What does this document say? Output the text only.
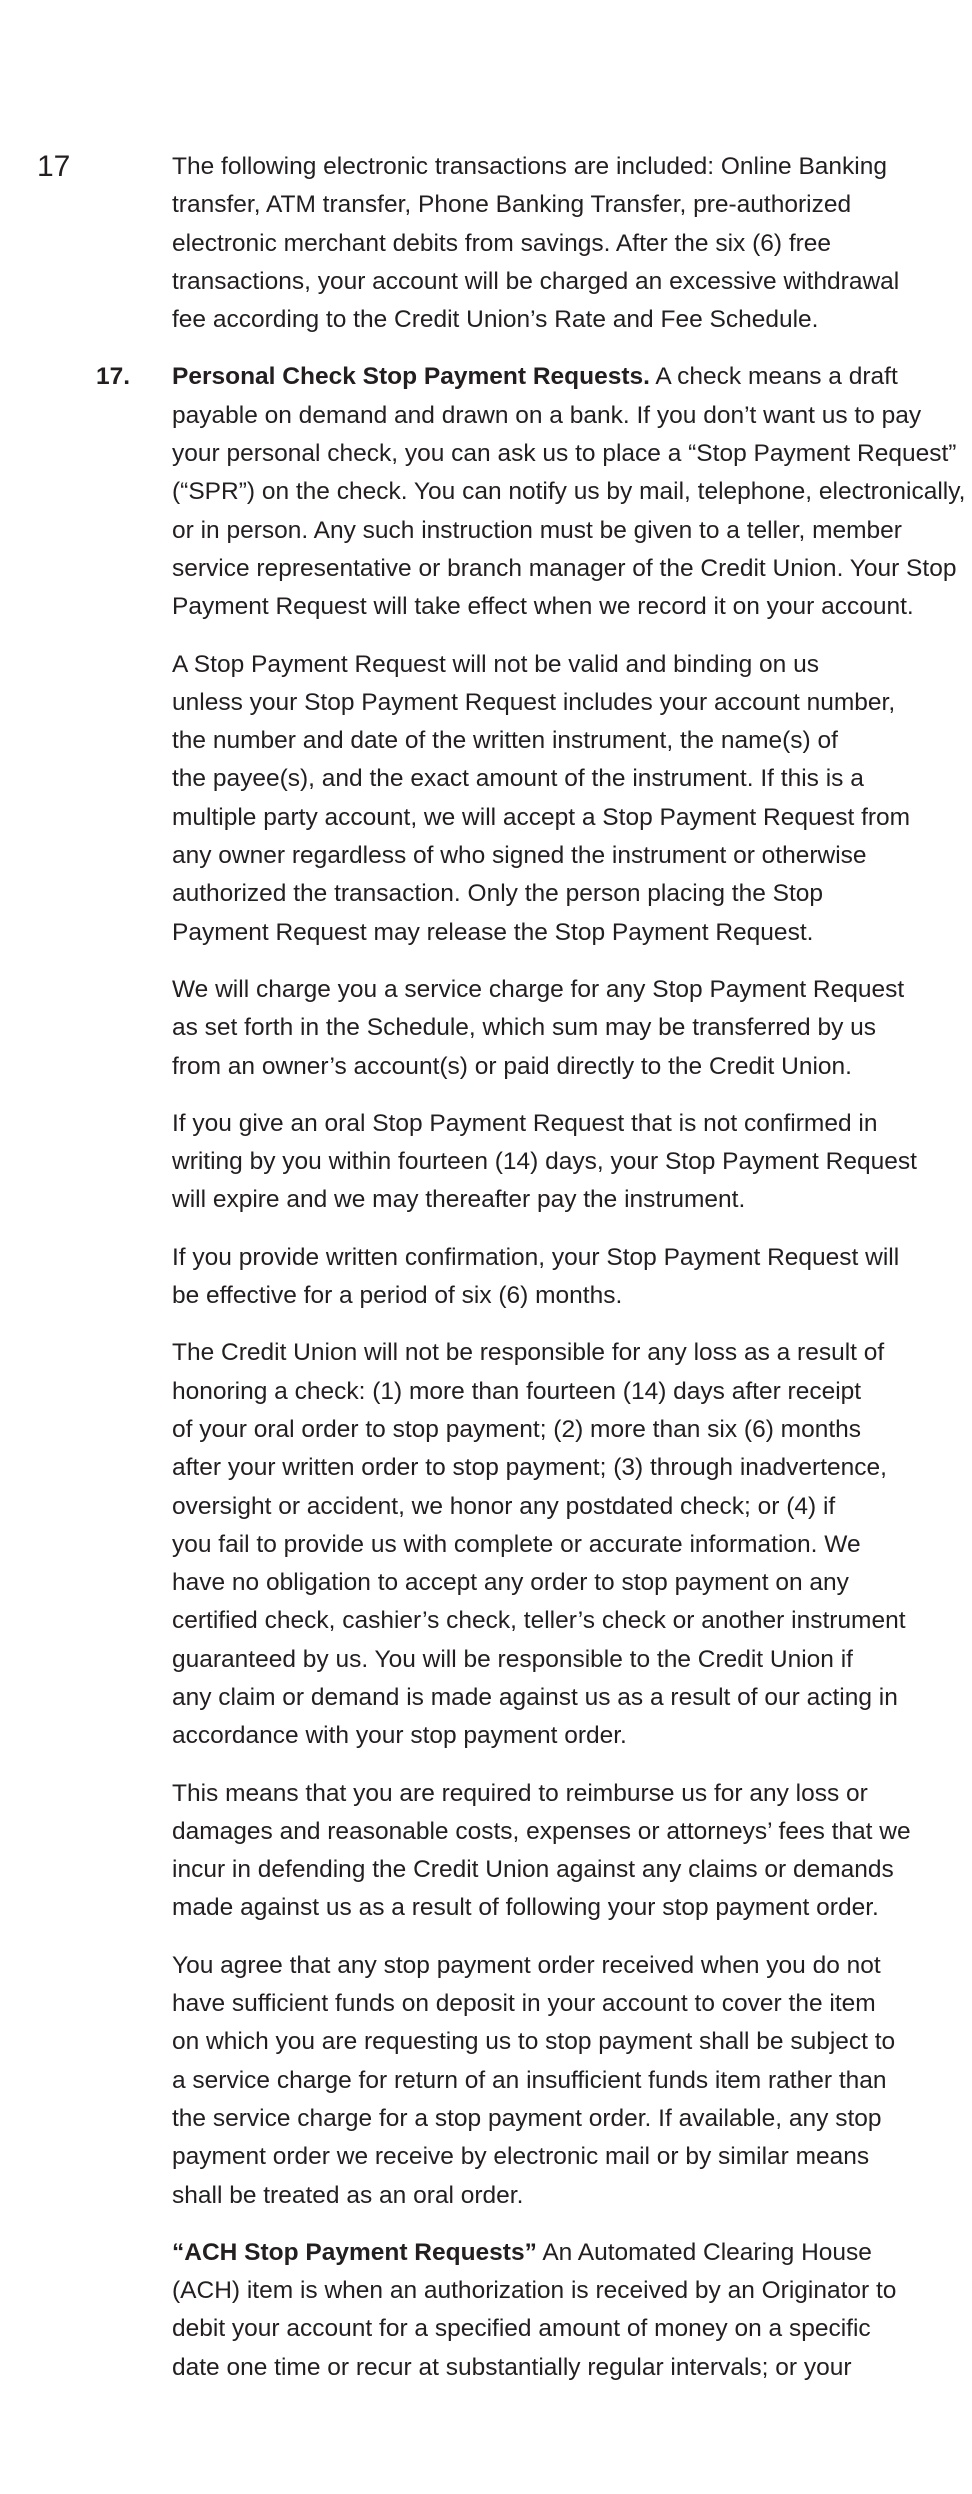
17	The following electronic transactions are included: Online Banking
transfer, ATM transfer, Phone Banking Transfer, pre-authorized
electronic merchant debits from savings. After the six (6) free
transactions, your account will be charged an excessive withdrawal
fee according to the Credit Union’s Rate and Fee Schedule.

17. Personal Check Stop Payment Requests. A check means a draft
payable on demand and drawn on a bank. If you don’t want us to pay
your personal check, you can ask us to place a “Stop Payment Request”
(“SPR”) on the check. You can notify us by mail, telephone, electronically,
or in person. Any such instruction must be given to a teller, member
service representative or branch manager of the Credit Union. Your Stop
Payment Request will take effect when we record it on your account.

A Stop Payment Request will not be valid and binding on us
unless your Stop Payment Request includes your account number,
the number and date of the written instrument, the name(s) of
the payee(s), and the exact amount of the instrument. If this is a
multiple party account, we will accept a Stop Payment Request from
any owner regardless of who signed the instrument or otherwise
authorized the transaction. Only the person placing the Stop
Payment Request may release the Stop Payment Request.

We will charge you a service charge for any Stop Payment Request
as set forth in the Schedule, which sum may be transferred by us
from an owner’s account(s) or paid directly to the Credit Union.

If you give an oral Stop Payment Request that is not confirmed in
writing by you within fourteen (14) days, your Stop Payment Request
will expire and we may thereafter pay the instrument.

If you provide written confirmation, your Stop Payment Request will
be effective for a period of six (6) months.

The Credit Union will not be responsible for any loss as a result of
honoring a check: (1) more than fourteen (14) days after receipt
of your oral order to stop payment; (2) more than six (6) months
after your written order to stop payment; (3) through inadvertence,
oversight or accident, we honor any postdated check; or (4) if
you fail to provide us with complete or accurate information. We
have no obligation to accept any order to stop payment on any
certified check, cashier’s check, teller’s check or another instrument
guaranteed by us. You will be responsible to the Credit Union if
any claim or demand is made against us as a result of our acting in
accordance with your stop payment order.

This means that you are required to reimburse us for any loss or
damages and reasonable costs, expenses or attorneys’ fees that we
incur in defending the Credit Union against any claims or demands
made against us as a result of following your stop payment order.

You agree that any stop payment order received when you do not
have sufficient funds on deposit in your account to cover the item
on which you are requesting us to stop payment shall be subject to
a service charge for return of an insufficient funds item rather than
the service charge for a stop payment order. If available, any stop
payment order we receive by electronic mail or by similar means
shall be treated as an oral order.

“ACH Stop Payment Requests” An Automated Clearing House
(ACH) item is when an authorization is received by an Originator to
debit your account for a specified amount of money on a specific
date one time or recur at substantially regular intervals; or your
